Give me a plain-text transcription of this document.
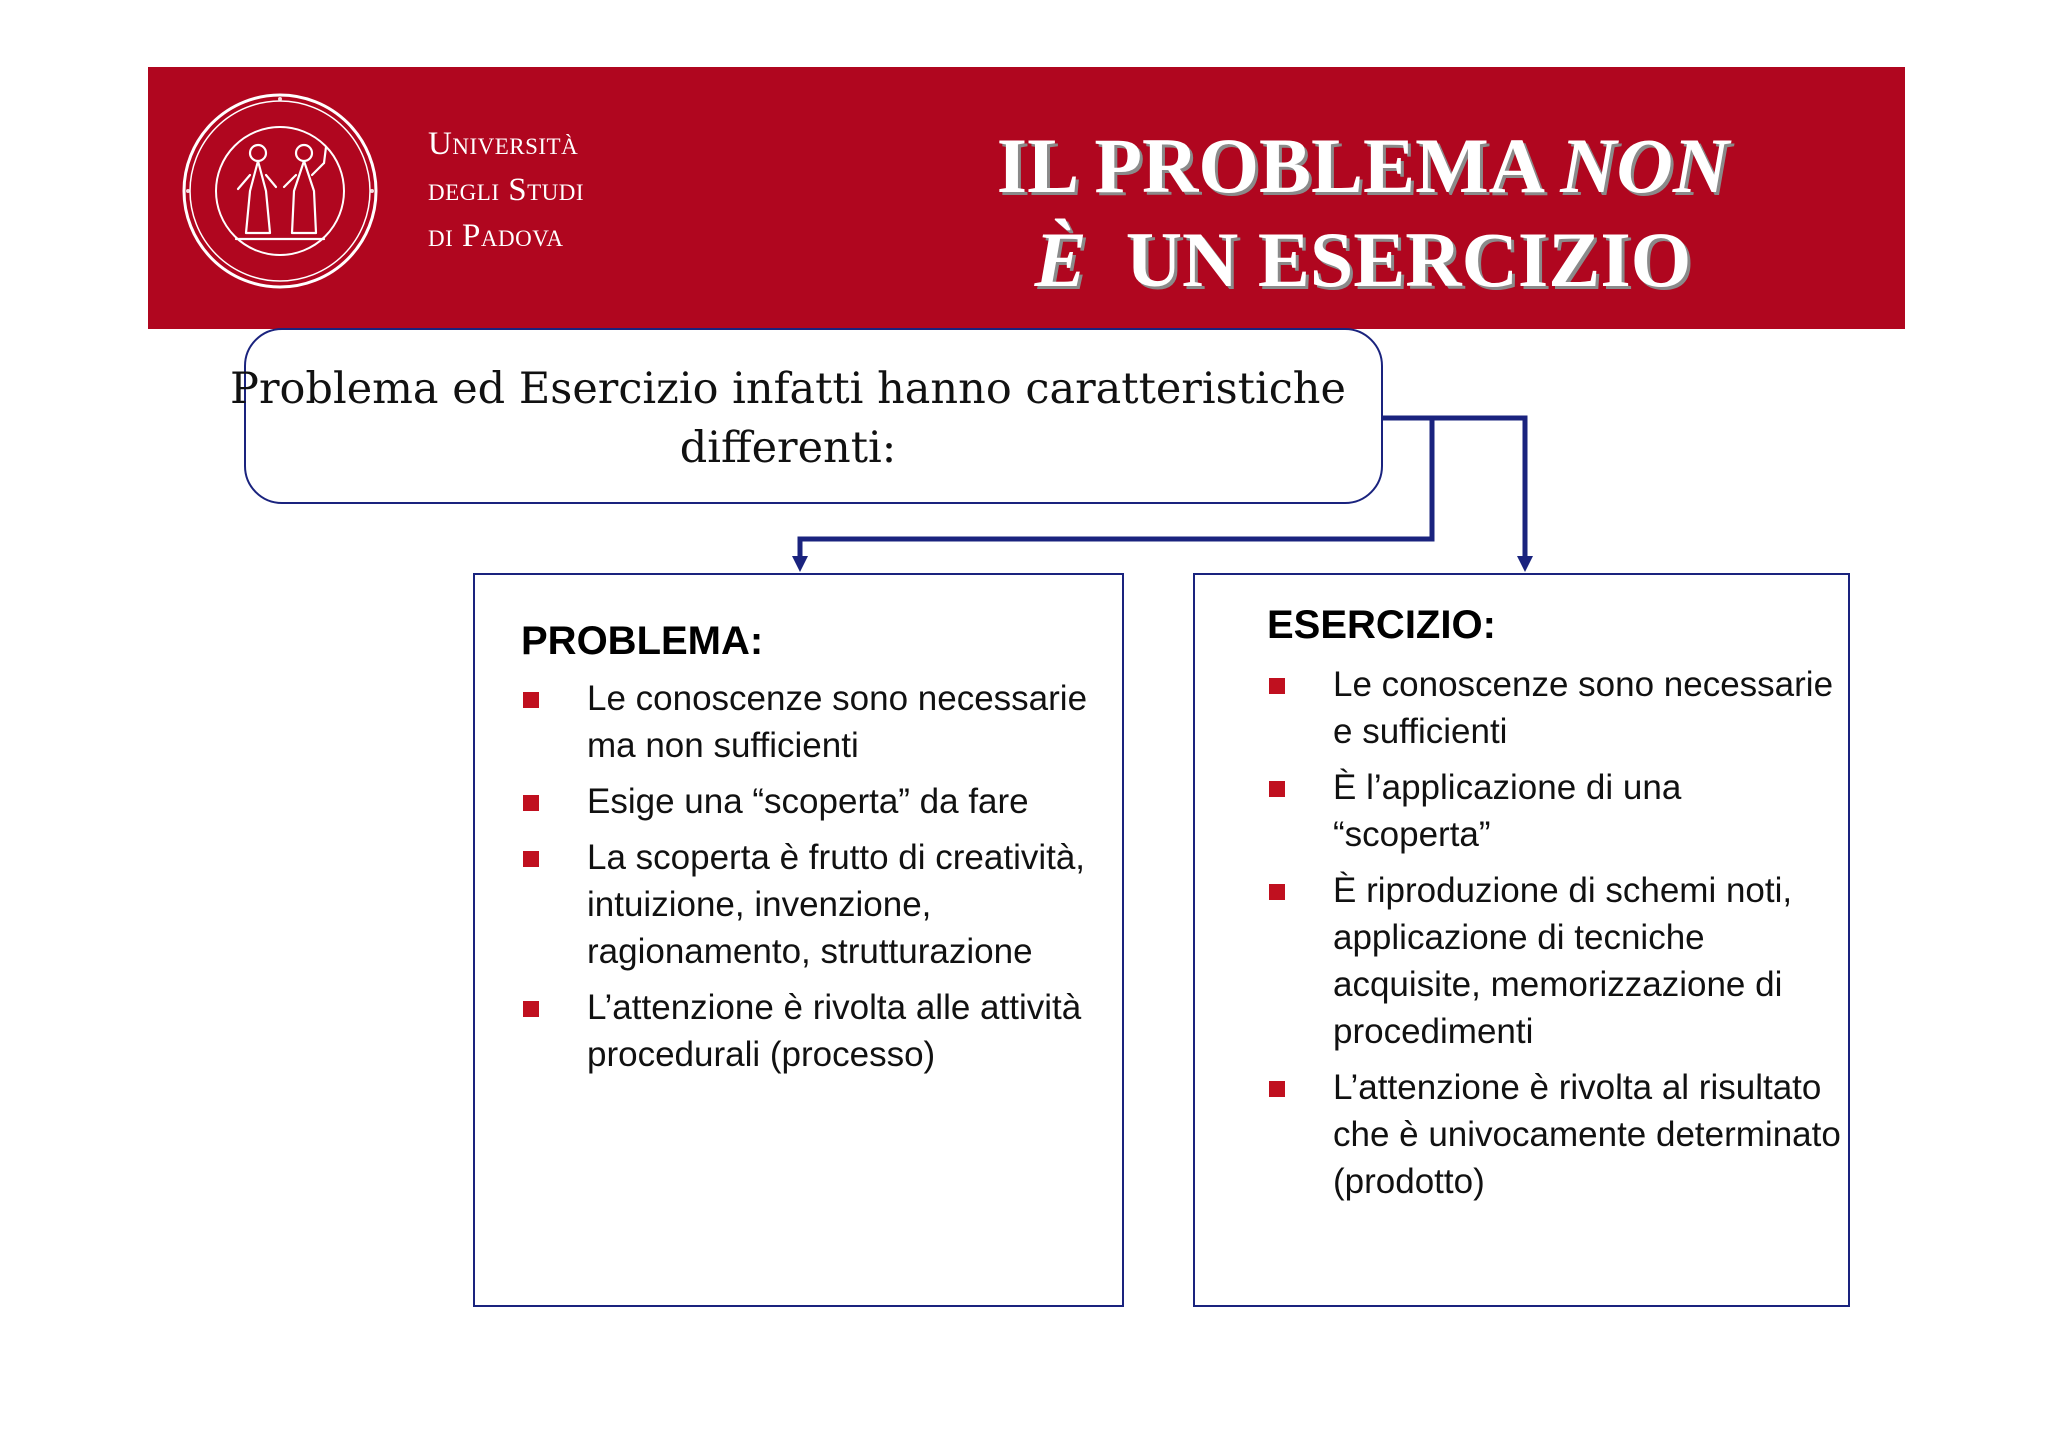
Università
degli Studi
di Padova
IL PROBLEMA NON
È UN ESERCIZIO
Problema ed Esercizio infatti hanno caratteristiche
differenti:
PROBLEMA:
Le conoscenze sono necessarie ma non sufficienti
Esige una “scoperta” da fare
La scoperta è frutto di creatività, intuizione, invenzione, ragionamento, strutturazione
L’attenzione è rivolta alle attività procedurali (processo)
ESERCIZIO:
Le conoscenze sono necessarie e sufficienti
È l’applicazione di una “scoperta”
È riproduzione di schemi noti, applicazione di tecniche acquisite, memorizzazione di procedimenti
L’attenzione è rivolta al risultato che è univocamente determinato (prodotto)
